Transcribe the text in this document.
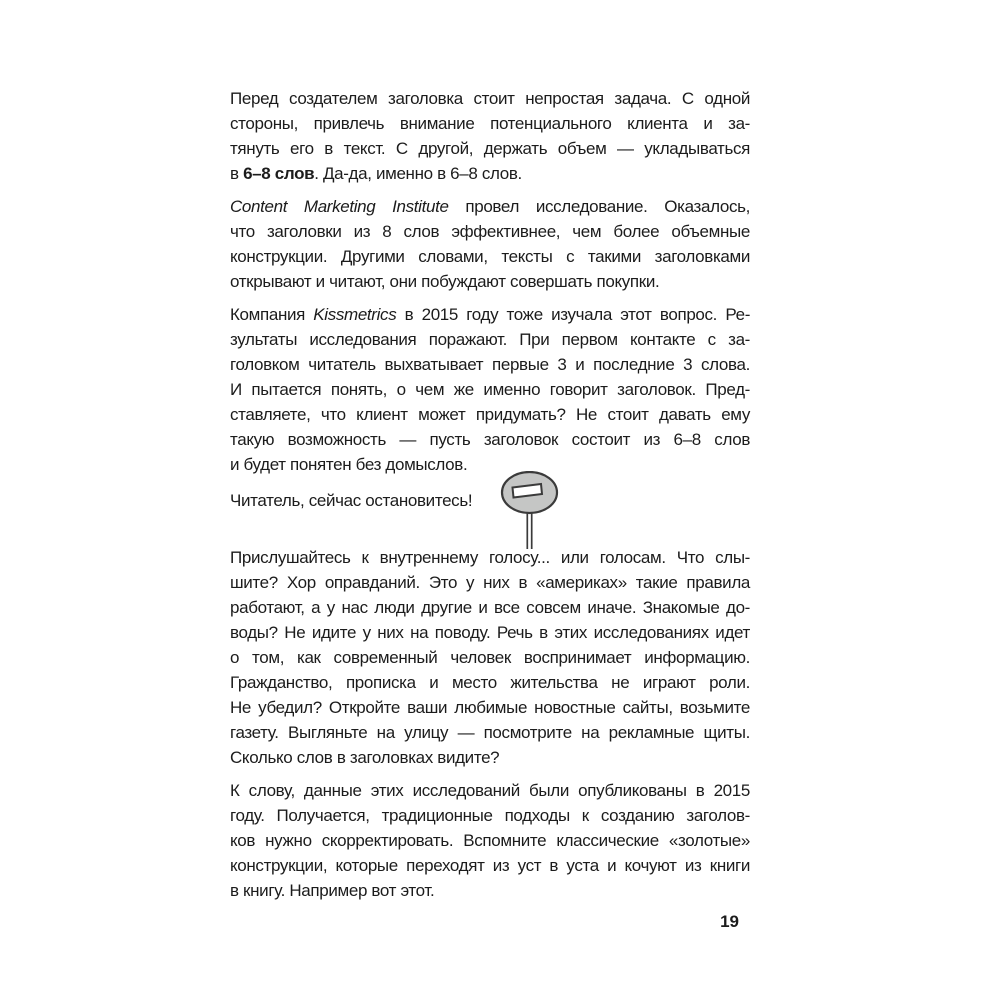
Перед создателем заголовка стоит непростая задача. С одной
стороны, привлечь внимание потенциального клиента и за-
тянуть его в текст. С другой, держать объем — укладываться
в 6–8 слов. Да-да, именно в 6–8 слов.
Content Marketing Institute провел исследование. Оказалось,
что заголовки из 8 слов эффективнее, чем более объемные
конструкции. Другими словами, тексты с такими заголовками
открывают и читают, они побуждают совершать покупки.
Компания Kissmetrics в 2015 году тоже изучала этот вопрос. Ре-
зультаты исследования поражают. При первом контакте с за-
головком читатель выхватывает первые 3 и последние 3 слова.
И пытается понять, о чем же именно говорит заголовок. Пред-
ставляете, что клиент может придумать? Не стоит давать ему
такую возможность — пусть заголовок состоит из 6–8 слов
и будет понятен без домыслов.
Читатель, сейчас остановитесь!
Прислушайтесь к внутреннему голосу... или голосам. Что слы-
шите? Хор оправданий. Это у них в «америках» такие правила
работают, а у нас люди другие и все совсем иначе. Знакомые до-
воды? Не идите у них на поводу. Речь в этих исследованиях идет
о том, как современный человек воспринимает информацию.
Гражданство, прописка и место жительства не играют роли.
Не убедил? Откройте ваши любимые новостные сайты, возьмите
газету. Выгляньте на улицу — посмотрите на рекламные щиты.
Сколько слов в заголовках видите?
К слову, данные этих исследований были опубликованы в 2015
году. Получается, традиционные подходы к созданию заголов-
ков нужно скорректировать. Вспомните классические «золотые»
конструкции, которые переходят из уст в уста и кочуют из книги
в книгу. Например вот этот.
19
